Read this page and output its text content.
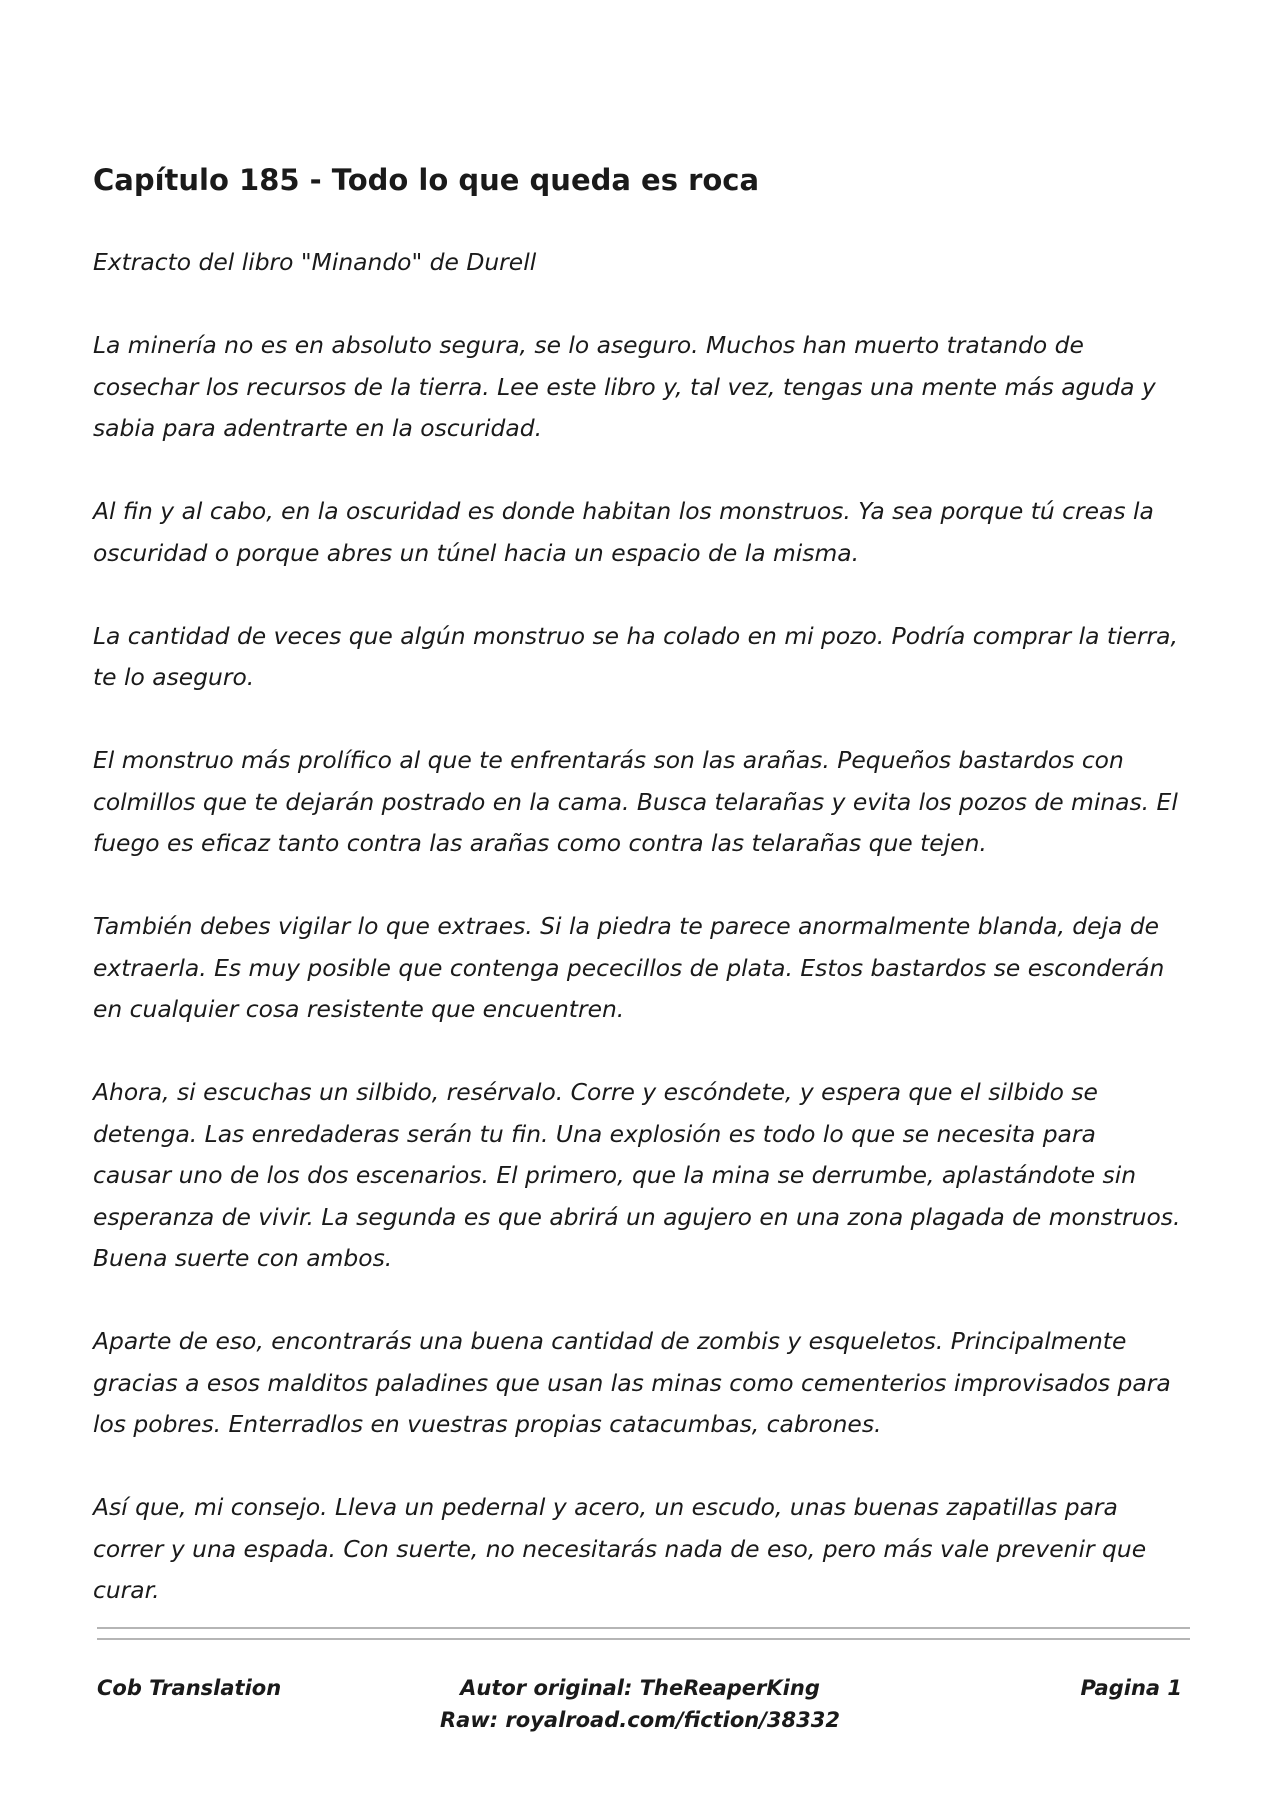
Capítulo 185 - Todo lo que queda es roca

Extracto del libro "Minando" de Durell

La minería no es en absoluto segura, se lo aseguro. Muchos han muerto tratando de
cosechar los recursos de la tierra. Lee este libro y, tal vez, tengas una mente más aguda y
sabia para adentrarte en la oscuridad.

Al fin y al cabo, en la oscuridad es donde habitan los monstruos. Ya sea porque tú creas la
oscuridad o porque abres un túnel hacia un espacio de la misma.

La cantidad de veces que algún monstruo se ha colado en mi pozo. Podría comprar la tierra,
te lo aseguro.

El monstruo más prolífico al que te enfrentarás son las arañas. Pequeños bastardos con
colmillos que te dejarán postrado en la cama. Busca telarañas y evita los pozos de minas. El
fuego es eficaz tanto contra las arañas como contra las telarañas que tejen.

También debes vigilar lo que extraes. Si la piedra te parece anormalmente blanda, deja de
extraerla. Es muy posible que contenga pececillos de plata. Estos bastardos se esconderán
en cualquier cosa resistente que encuentren.

Ahora, si escuchas un silbido, resérvalo. Corre y escóndete, y espera que el silbido se
detenga. Las enredaderas serán tu fin. Una explosión es todo lo que se necesita para
causar uno de los dos escenarios. El primero, que la mina se derrumbe, aplastándote sin
esperanza de vivir. La segunda es que abrirá un agujero en una zona plagada de monstruos.
Buena suerte con ambos.

Aparte de eso, encontrarás una buena cantidad de zombis y esqueletos. Principalmente
gracias a esos malditos paladines que usan las minas como cementerios improvisados para
los pobres. Enterradlos en vuestras propias catacumbas, cabrones.

Así que, mi consejo. Lleva un pedernal y acero, un escudo, unas buenas zapatillas para
correr y una espada. Con suerte, no necesitarás nada de eso, pero más vale prevenir que
curar.

Cob Translation	Autor original: TheReaperKing
Raw: royalroad.com/fiction/38332
Pagina 1
